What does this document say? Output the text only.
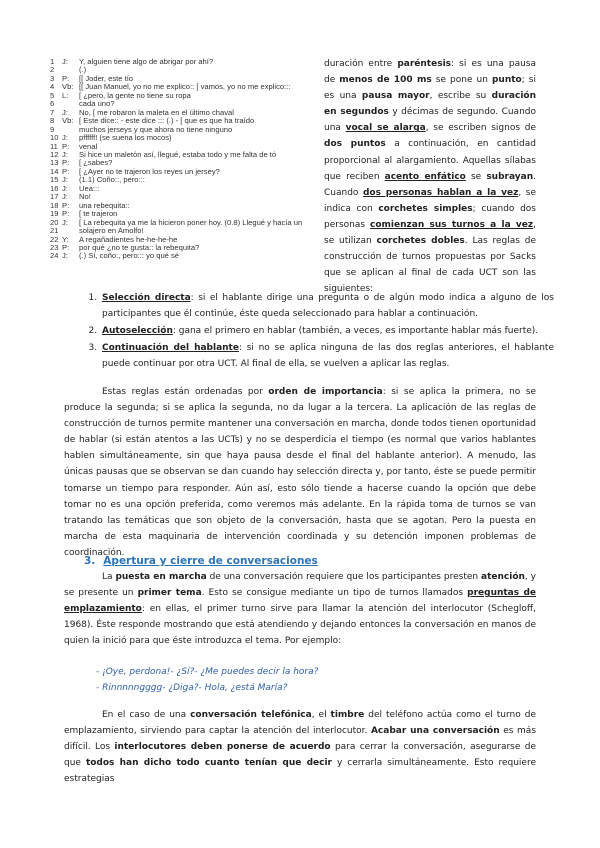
1	J:	Y, alguien tiene algo de abrigar por ahí?
2	(.)
3	P:	[[ Joder, este tío
4	Vb: [[ Juan Manuel, yo no me explico:: [ vamos, yo no me explico:::
5	L:	[ ¿pero, la gente no tiene su ropa
6	cada uno?
7	J:	No, [ me robaron la maleta en el último chaval
8	Vb: [ Este dice:: - este dice ::: (.) - [ que es que ha traído
9	muchos jerseys y que ahora no tiene ninguno
10 J:	pffffff! (se suena los mocos)
11 P:	venal
12 J:	Si hice un maletón así, llegué, estaba todo y me falta de tó
13 P:	[ ¿sabes?
14 P:	[ ¿Ayer no te trajeron los reyes un jersey?
15 J:	(1.1) Coño::, pero:::
16 J:	Uea:::
17 J:	No!
18 P:	una rebequita::
19 P:	[ te trajeron
20 J:	[ La rebequita ya me la hicieron poner hoy. (0.8) Llegué y hacía un
21	solajero en Amolfo!
22 Y:	A regañadientes he-he-he-he
23 P:	por qué ¿no te gusta:: la rebequita?
24 J:	(.) Sí, coño:, pero::: yo qué sé

duración entre paréntesis: si es una pausa de menos de 100 ms se pone un punto; si es una pausa mayor, escribe su duración en segundos y décimas de segundo. Cuando una vocal se alarga, se escriben signos de dos puntos a continuación, en cantidad proporcional al alargamiento. Aquellas sílabas que reciben acento enfático se subrayan. Cuando dos personas hablan a la vez, se indica con corchetes simples; cuando dos personas comienzan sus turnos a la vez, se utilizan corchetes dobles. Las reglas de construcción de turnos propuestas por Sacks que se aplican al final de cada UCT son las siguientes:

1. Selección directa: si el hablante dirige una pregunta o de algún modo indica a alguno de los participantes que él continúe, éste queda seleccionado para hablar a continuación.
2. Autoselección: gana el primero en hablar (también, a veces, es importante hablar más fuerte).
3. Continuación del hablante: si no se aplica ninguna de las dos reglas anteriores, el hablante puede continuar por otra UCT. Al final de ella, se vuelven a aplicar las reglas.

Estas reglas están ordenadas por orden de importancia: si se aplica la primera, no se produce la segunda; si se aplica la segunda, no da lugar a la tercera. La aplicación de las reglas de construcción de turnos permite mantener una conversación en marcha, donde todos tienen oportunidad de hablar (si están atentos a las UCTs) y no se desperdicia el tiempo (es normal que varios hablantes hablen simultáneamente, sin que haya pausa desde el final del hablante anterior). A menudo, las únicas pausas que se observan se dan cuando hay selección directa y, por tanto, éste se puede permitir tomarse un tiempo para responder. Aún así, esto sólo tiende a hacerse cuando la opción que debe tomar no es una opción preferida, como veremos más adelante. En la rápida toma de turnos se van tratando las temáticas que son objeto de la conversación, hasta que se agotan. Pero la puesta en marcha de esta maquinaria de intervención coordinada y su detención imponen problemas de coordinación.

3. Apertura y cierre de conversaciones

La puesta en marcha de una conversación requiere que los participantes presten atención, y se presente un primer tema. Esto se consigue mediante un tipo de turnos llamados preguntas de emplazamiento: en ellas, el primer turno sirve para llamar la atención del interlocutor (Schegloff, 1968). Éste responde mostrando que está atendiendo y dejando entonces la conversación en manos de quien la inició para que éste introduzca el tema. Por ejemplo:

- ¡Oye, perdona!- ¿Sí?- ¿Me puedes decir la hora?
- Rinnnnngggg- ¿Diga?- Hola, ¿está María?

En el caso de una conversación telefónica, el timbre del teléfono actúa como el turno de emplazamiento, sirviendo para captar la atención del interlocutor. Acabar una conversación es más difícil. Los interlocutores deben ponerse de acuerdo para cerrar la conversación, asegurarse de que todos han dicho todo cuanto tenían que decir y cerrarla simultáneamente. Esto requiere estrategias
